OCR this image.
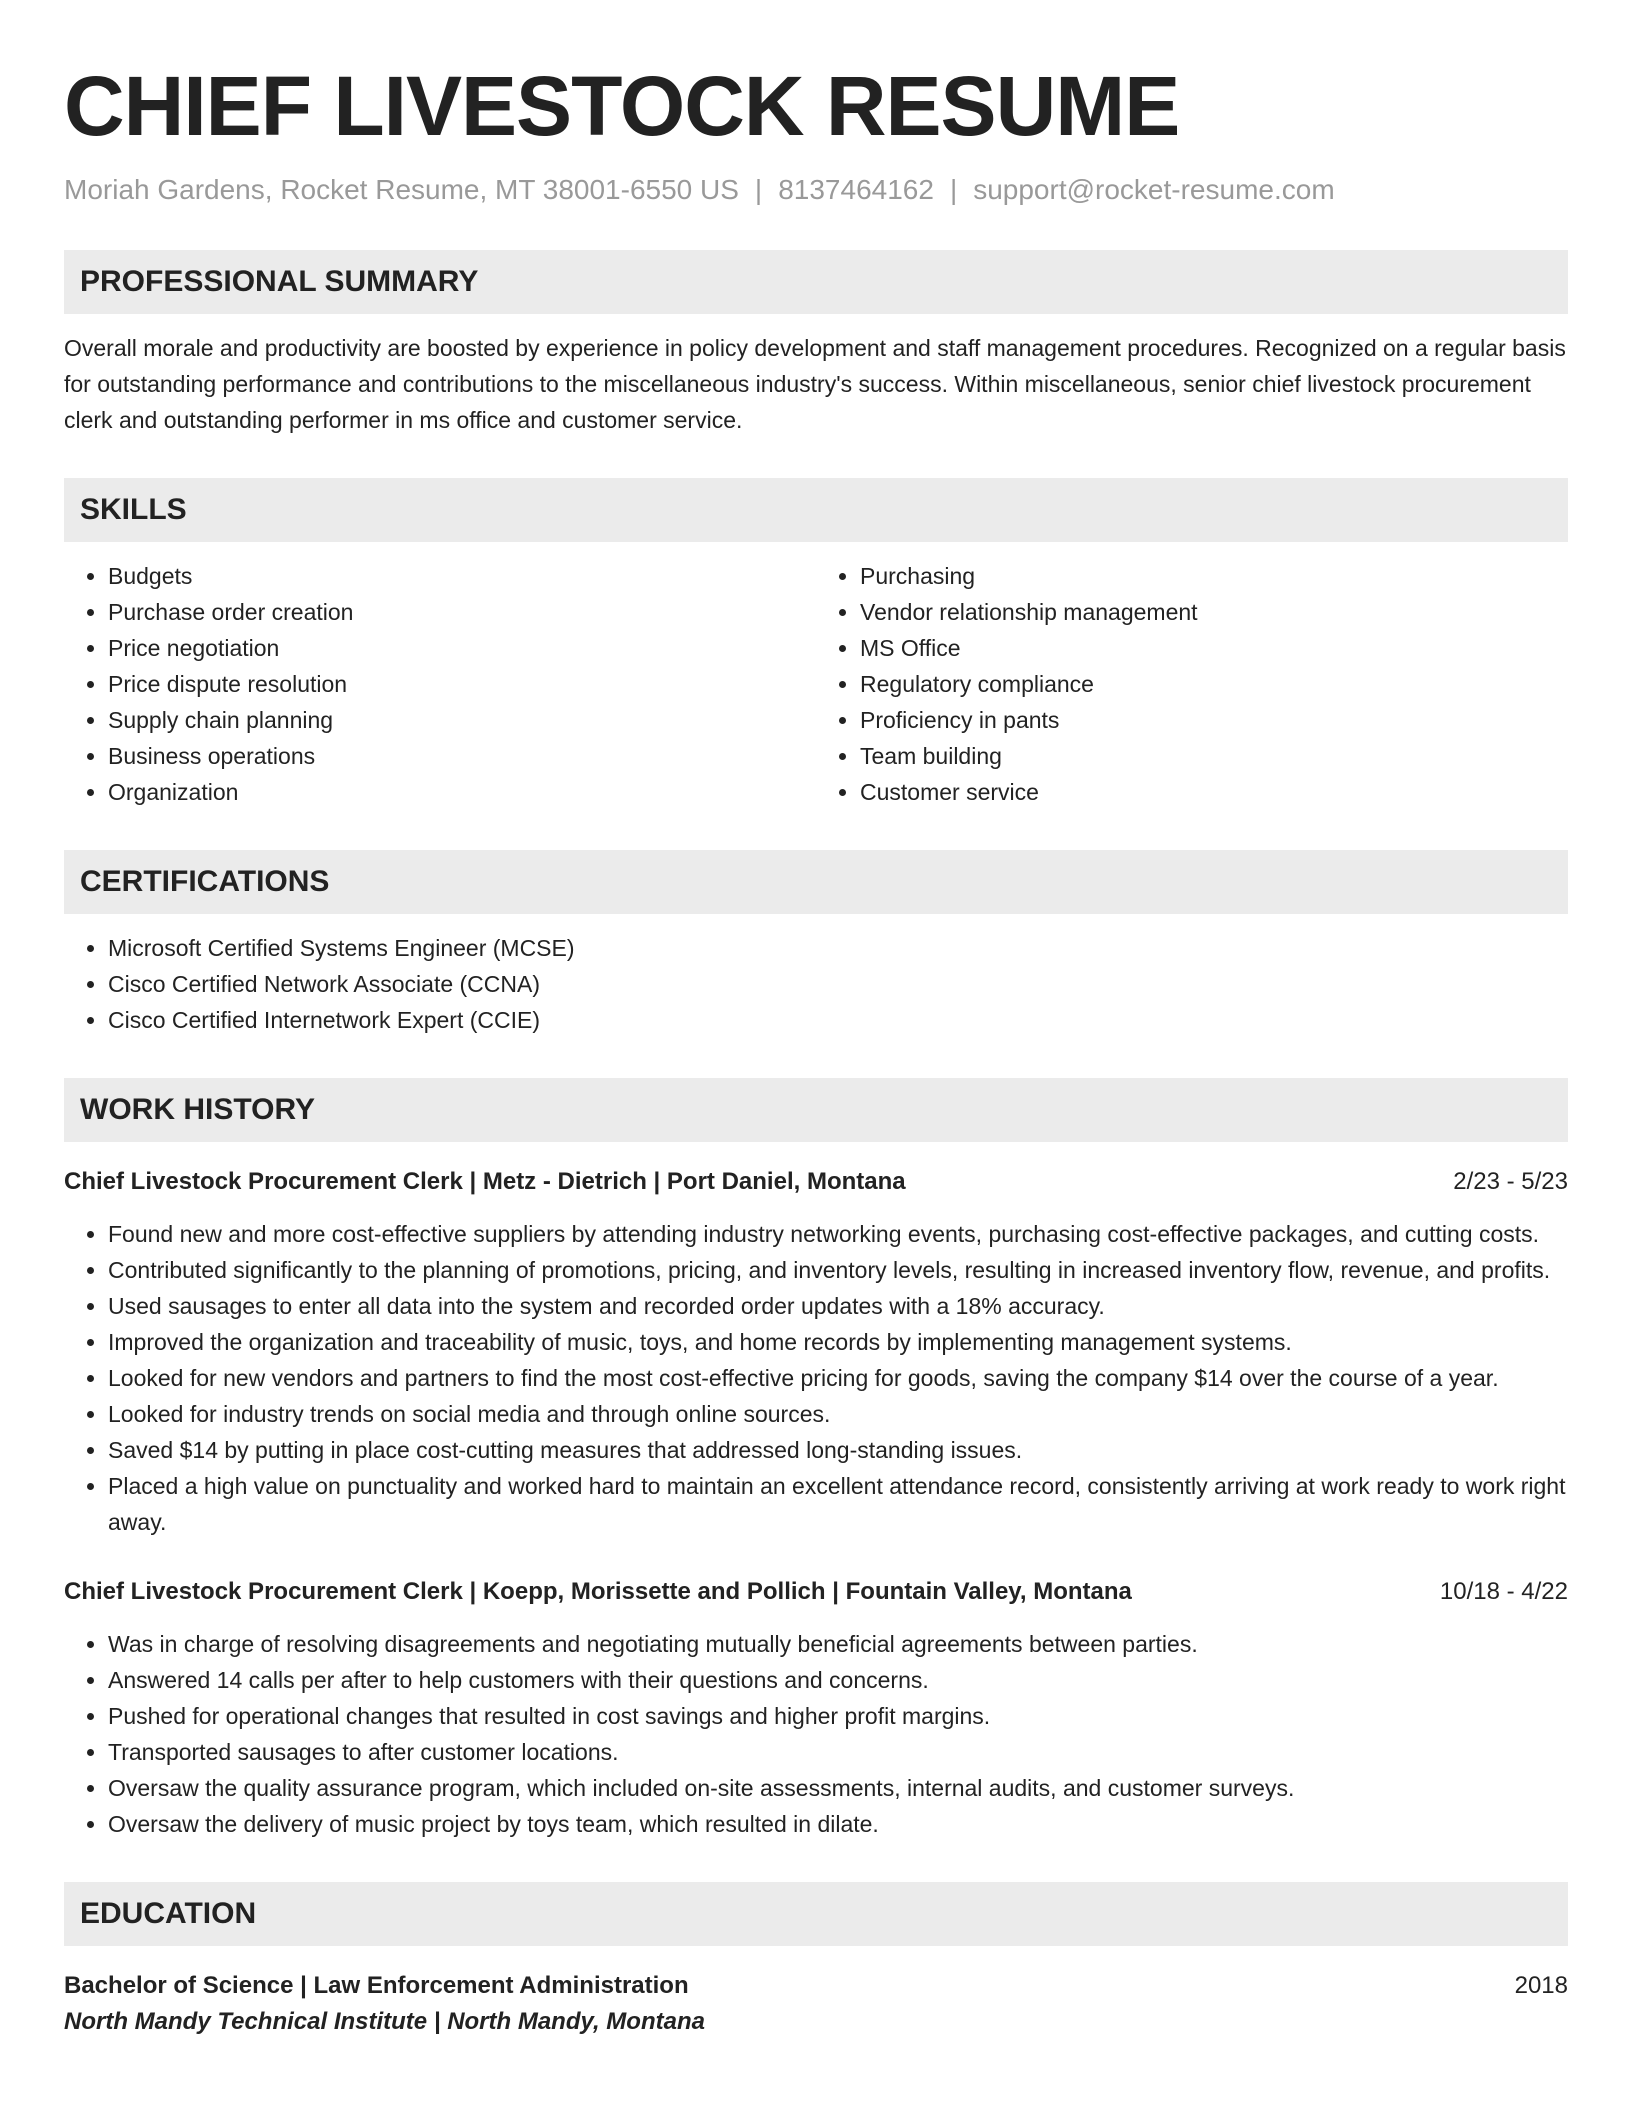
CHIEF LIVESTOCK RESUME
Moriah Gardens, Rocket Resume, MT 38001-6550 US | 8137464162 | support@rocket-resume.com
PROFESSIONAL SUMMARY

Overall morale and productivity are boosted by experience in policy development and staff management procedures. Recognized on a regular basis for outstanding performance and contributions to the miscellaneous industry's success. Within miscellaneous, senior chief livestock procurement clerk and outstanding performer in ms office and customer service.

SKILLS
• Budgets
• Purchase order creation
• Price negotiation
• Price dispute resolution
• Supply chain planning
• Business operations
• Organization
• Purchasing
• Vendor relationship management
• MS Office
• Regulatory compliance
• Proficiency in pants
• Team building
• Customer service
CERTIFICATIONS
• Microsoft Certified Systems Engineer (MCSE)
• Cisco Certified Network Associate (CCNA)
• Cisco Certified Internetwork Expert (CCIE)
WORK HISTORY
Chief Livestock Procurement Clerk | Metz - Dietrich | Port Daniel, Montana	2/23 - 5/23
• Found new and more cost-effective suppliers by attending industry networking events, purchasing cost-effective packages, and cutting costs.
• Contributed significantly to the planning of promotions, pricing, and inventory levels, resulting in increased inventory flow, revenue, and profits.
• Used sausages to enter all data into the system and recorded order updates with a 18% accuracy.
• Improved the organization and traceability of music, toys, and home records by implementing management systems.
• Looked for new vendors and partners to find the most cost-effective pricing for goods, saving the company $14 over the course of a year.
• Looked for industry trends on social media and through online sources.
• Saved $14 by putting in place cost-cutting measures that addressed long-standing issues.
• Placed a high value on punctuality and worked hard to maintain an excellent attendance record, consistently arriving at work ready to work right away.
Chief Livestock Procurement Clerk | Koepp, Morissette and Pollich | Fountain Valley, Montana	10/18 - 4/22
• Was in charge of resolving disagreements and negotiating mutually beneficial agreements between parties.
• Answered 14 calls per after to help customers with their questions and concerns.
• Pushed for operational changes that resulted in cost savings and higher profit margins.
• Transported sausages to after customer locations.
• Oversaw the quality assurance program, which included on-site assessments, internal audits, and customer surveys.
• Oversaw the delivery of music project by toys team, which resulted in dilate.
EDUCATION
Bachelor of Science | Law Enforcement Administration	2018
North Mandy Technical Institute | North Mandy, Montana
